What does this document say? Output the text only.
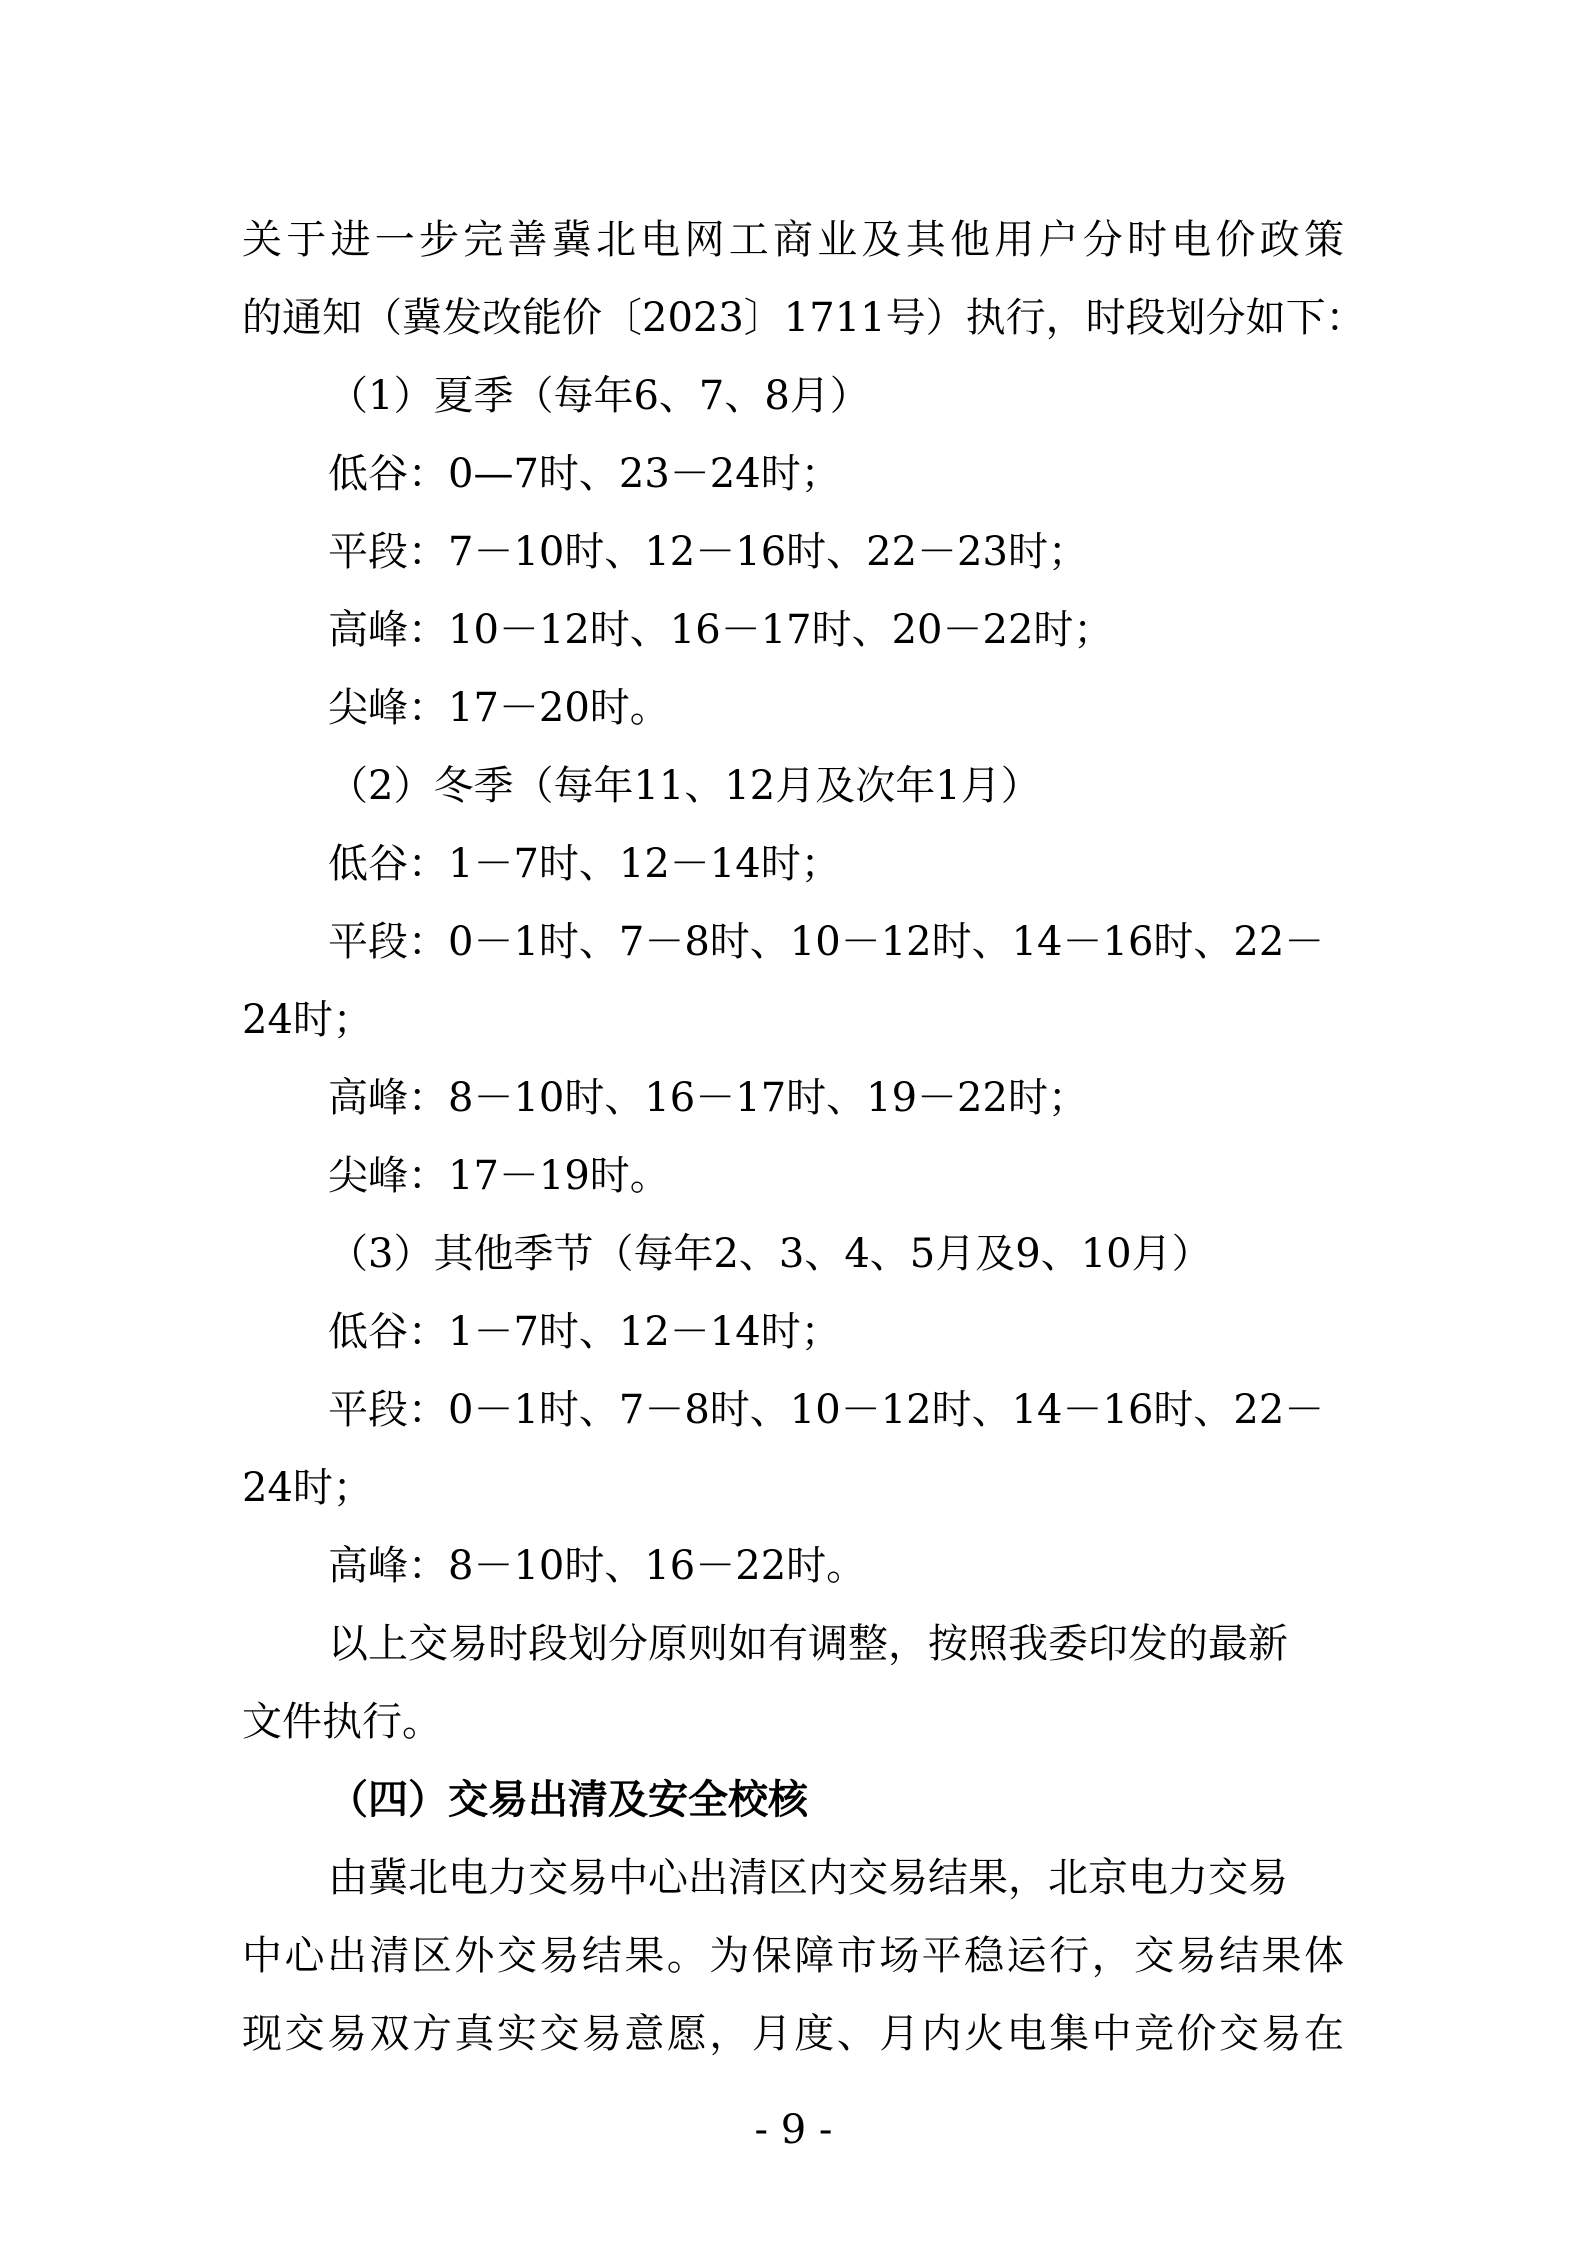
关于进一步完善冀北电网工商业及其他用户分时电价政策
的通知（冀发改能价〔2023〕1711号）执行，时段划分如下：
（1）夏季（每年6、7、8月）
低谷：0—7时、23－24时；
平段：7－10时、12－16时、22－23时；
高峰：10－12时、16－17时、20－22时；
尖峰：17－20时。
（2）冬季（每年11、12月及次年1月）
低谷：1－7时、12－14时；
平段：0－1时、7－8时、10－12时、14－16时、22－
24时；
高峰：8－10时、16－17时、19－22时；
尖峰：17－19时。
（3）其他季节（每年2、3、4、5月及9、10月）
低谷：1－7时、12－14时；
平段：0－1时、7－8时、10－12时、14－16时、22－
24时；
高峰：8－10时、16－22时。
以上交易时段划分原则如有调整，按照我委印发的最新
文件执行。
（四）交易出清及安全校核
由冀北电力交易中心出清区内交易结果，北京电力交易
中心出清区外交易结果。为保障市场平稳运行，交易结果体
现交易双方真实交易意愿，月度、月内火电集中竞价交易在
- 9 -
